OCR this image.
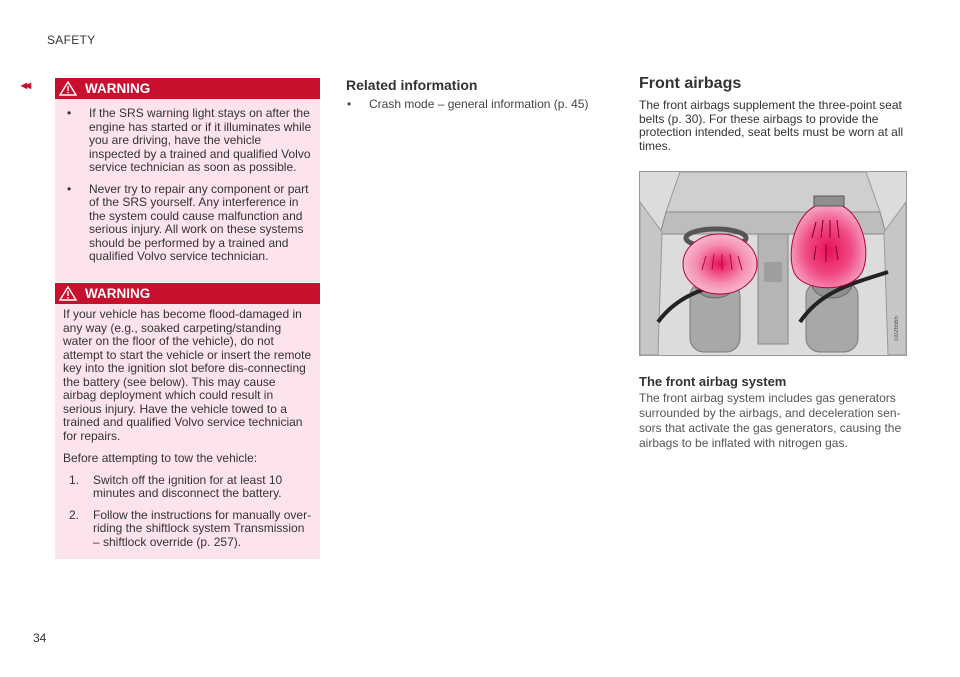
SAFETY
◂◂	WARNING
•	If the SRS warning light stays on after the engine has started or if it illuminates while you are driving, have the vehicle inspected by a trained and qualified Volvo service technician as soon as possible.
•	Never try to repair any component or part of the SRS yourself. Any interference in the system could cause malfunction and serious injury. All work on these systems should be performed by a trained and qualified Volvo service technician.
WARNING

If your vehicle has become flood-damaged in any way (e.g., soaked carpeting/standing water on the floor of the vehicle), do not attempt to start the vehicle or insert the remote key into the ignition slot before dis-connecting the battery (see below). This may cause airbag deployment which could result in serious injury. Have the vehicle towed to a trained and qualified Volvo service technician for repairs.

Before attempting to tow the vehicle:

1.	Switch off the ignition for at least 10 minutes and disconnect the battery.
2.	Follow the instructions for manually over-riding the shiftlock system Transmission – shiftlock override (p. 257).
Related information
•	Crash mode – general information (p. 45)
Front airbags
The front airbags supplement the three-point seat belts (p. 30). For these airbags to provide the protection intended, seat belts must be worn at all times.
G026565
The front airbag system
The front airbag system includes gas generators surrounded by the airbags, and deceleration sen-sors that activate the gas generators, causing the airbags to be inflated with nitrogen gas.
34
